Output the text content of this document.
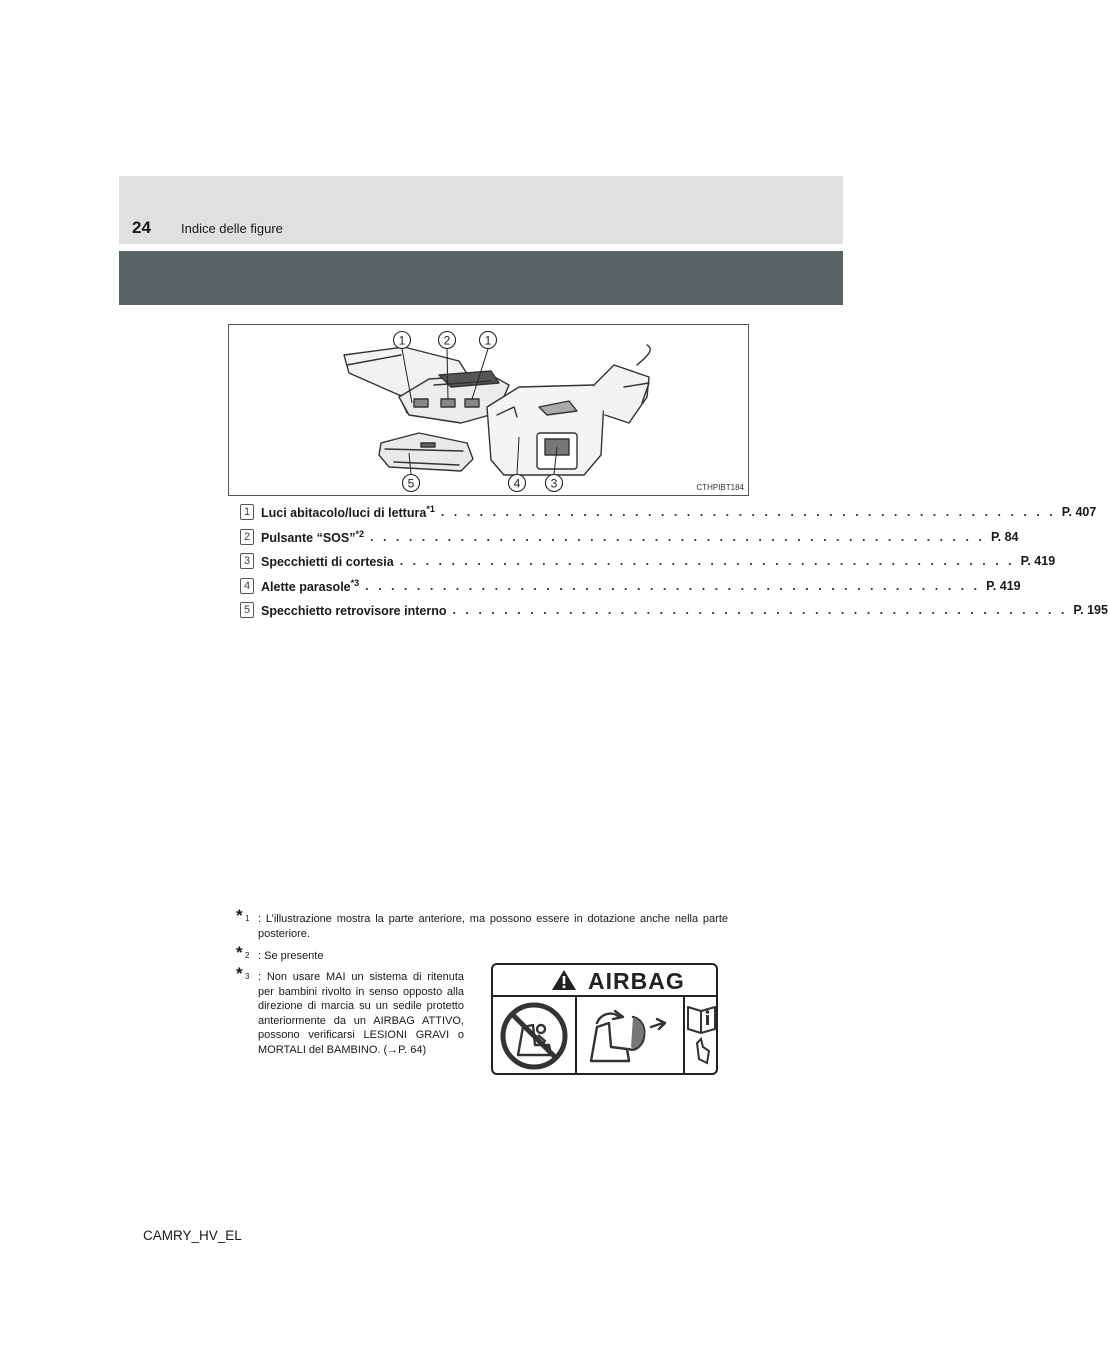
24 Indice delle figure
1	2	1
5	4	3	CTHPIBT184
1 Luci abitacolo/luci di lettura$^{*1}$ . . . . . . . . . . . . . . . . . . . . . . . . . . . . . . . . . . . . . . . . . . . . . . . . P. 407
2 Pulsante “SOS”$^{*2}$ . . . . . . . . . . . . . . . . . . . . . . . . . . . . . . . . . . . . . . . . . . . . . . . . P. 84
3 Specchietti di cortesia . . . . . . . . . . . . . . . . . . . . . . . . . . . . . . . . . . . . . . . . . . . . . . . . P. 419
4 Alette parasole$^{*3}$ . . . . . . . . . . . . . . . . . . . . . . . . . . . . . . . . . . . . . . . . . . . . . . . . P. 419
5 Specchietto retrovisore interno . . . . . . . . . . . . . . . . . . . . . . . . . . . . . . . . . . . . . . . . . . . . . . . . P. 195
* 1 : L’illustrazione mostra la parte anteriore, ma possono essere in dotazione anche nella parte posteriore.
* 2 : Se presente
* 3 : Non usare MAI un sistema di ritenuta per bambini rivolto in senso opposto alla direzione di marcia su un sedile protetto anteriormente da un AIRBAG ATTIVO, possono verificarsi LESIONI GRAVI o MORTALI del BAMBINO. (→P. 64)
AIRBAG
CAMRY_HV_EL
